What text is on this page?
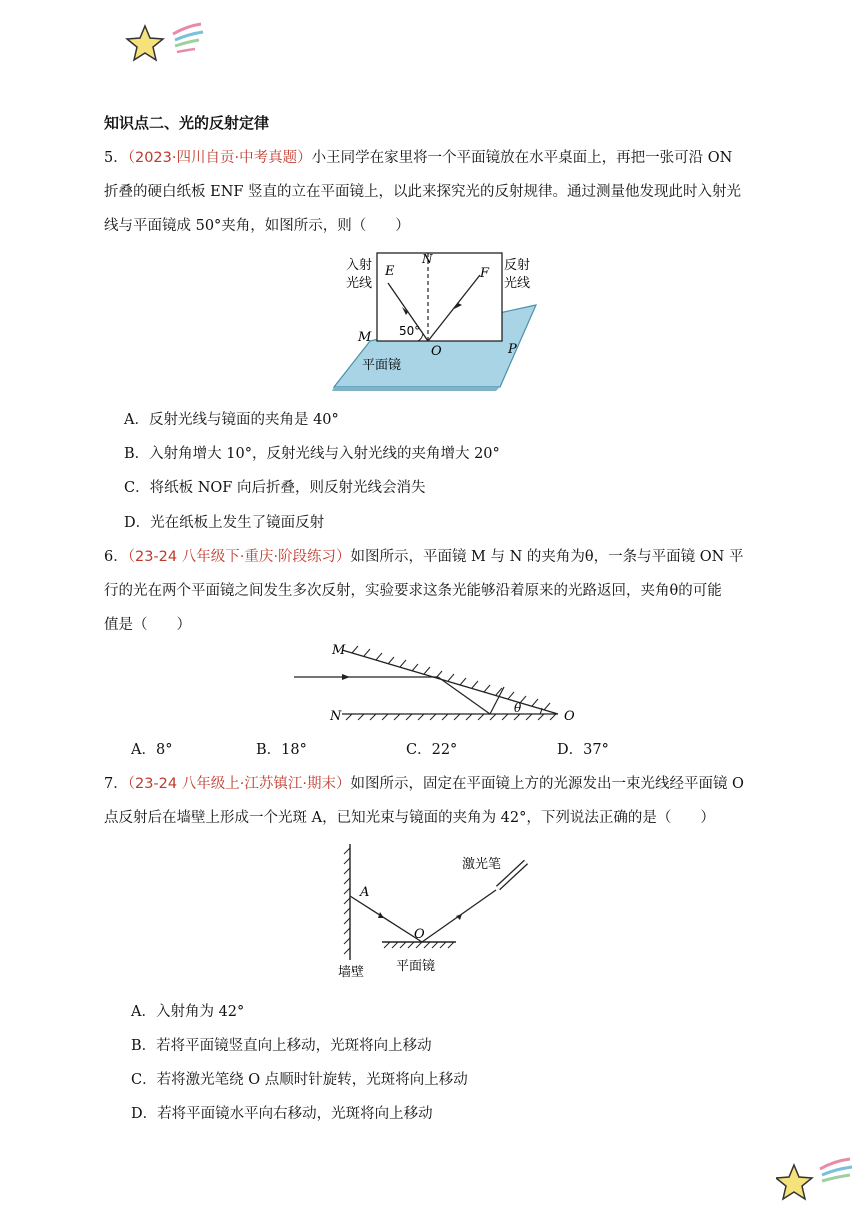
知识点二、光的反射定律
5．（2023·四川自贡·中考真题）小王同学在家里将一个平面镜放在水平桌面上，再把一张可沿 ON
折叠的硬白纸板 ENF 竖直的立在平面镜上，以此来探究光的反射规律。通过测量他发现此时入射光
线与平面镜成 50°夹角，如图所示，则（　　）
入射
光线
反射
光线
E
N
F
M 50°
O	P
平面镜
A．反射光线与镜面的夹角是 40°
B．入射角增大 10°，反射光线与入射光线的夹角增大 20°
C．将纸板 NOF 向后折叠，则反射光线会消失
D．光在纸板上发生了镜面反射
6．（23-24 八年级下·重庆·阶段练习）如图所示，平面镜 M 与 N 的夹角为θ，一条与平面镜 ON 平
行的光在两个平面镜之间发生多次反射，实验要求这条光能够沿着原来的光路返回，夹角θ的可能
值是（　　）
M
N	O
θ
A．8°	B．18°	C．22°	D．37°
7．（23-24 八年级上·江苏镇江·期末）如图所示，固定在平面镜上方的光源发出一束光线经平面镜 O
点反射后在墙壁上形成一个光斑 A，已知光束与镜面的夹角为 42°，下列说法正确的是（　　）
激光笔
A
O
墙壁 平面镜
A．入射角为 42°
B．若将平面镜竖直向上移动，光斑将向上移动
C．若将激光笔绕 O 点顺时针旋转，光斑将向上移动
D．若将平面镜水平向右移动，光斑将向上移动
